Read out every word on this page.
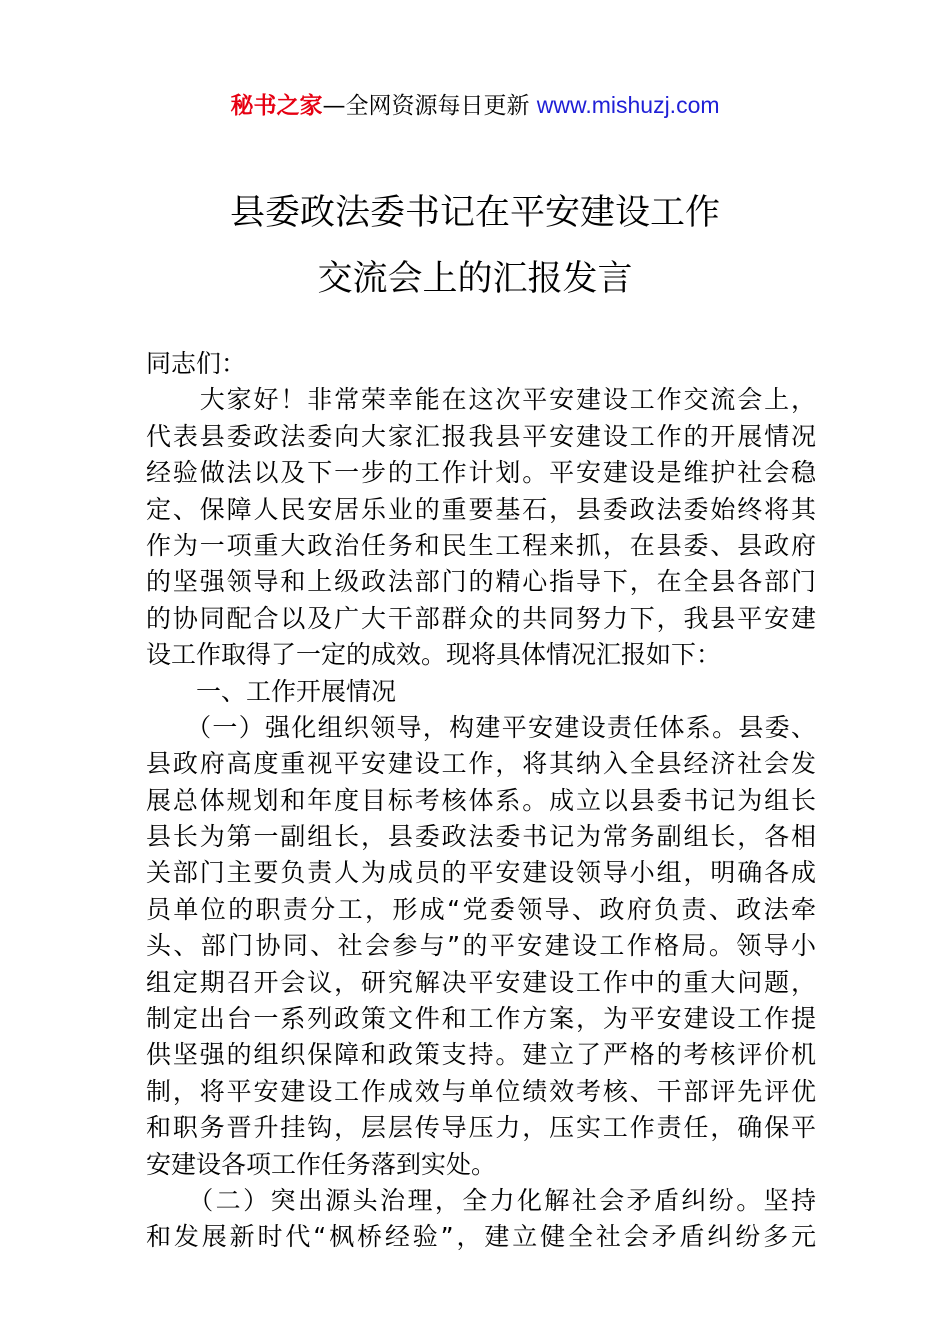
秘书之家—全网资源每日更新 www.mishuzj.com
县委政法委书记在平安建设工作
交流会上的汇报发言
同志们：
　　大家好！非常荣幸能在这次平安建设工作交流会上，
代表县委政法委向大家汇报我县平安建设工作的开展情况
经验做法以及下一步的工作计划。平安建设是维护社会稳
定、保障人民安居乐业的重要基石，县委政法委始终将其
作为一项重大政治任务和民生工程来抓，在县委、县政府
的坚强领导和上级政法部门的精心指导下，在全县各部门
的协同配合以及广大干部群众的共同努力下，我县平安建
设工作取得了一定的成效。现将具体情况汇报如下：
　　一、工作开展情况
　　（一）强化组织领导，构建平安建设责任体系。县委、
县政府高度重视平安建设工作，将其纳入全县经济社会发
展总体规划和年度目标考核体系。成立以县委书记为组长
县长为第一副组长，县委政法委书记为常务副组长，各相
关部门主要负责人为成员的平安建设领导小组，明确各成
员单位的职责分工，形成“党委领导、政府负责、政法牵
头、部门协同、社会参与”的平安建设工作格局。领导小
组定期召开会议，研究解决平安建设工作中的重大问题，
制定出台一系列政策文件和工作方案，为平安建设工作提
供坚强的组织保障和政策支持。建立了严格的考核评价机
制，将平安建设工作成效与单位绩效考核、干部评先评优
和职务晋升挂钩，层层传导压力，压实工作责任，确保平
安建设各项工作任务落到实处。
　　（二）突出源头治理，全力化解社会矛盾纠纷。坚持
和发展新时代“枫桥经验”，建立健全社会矛盾纠纷多元
